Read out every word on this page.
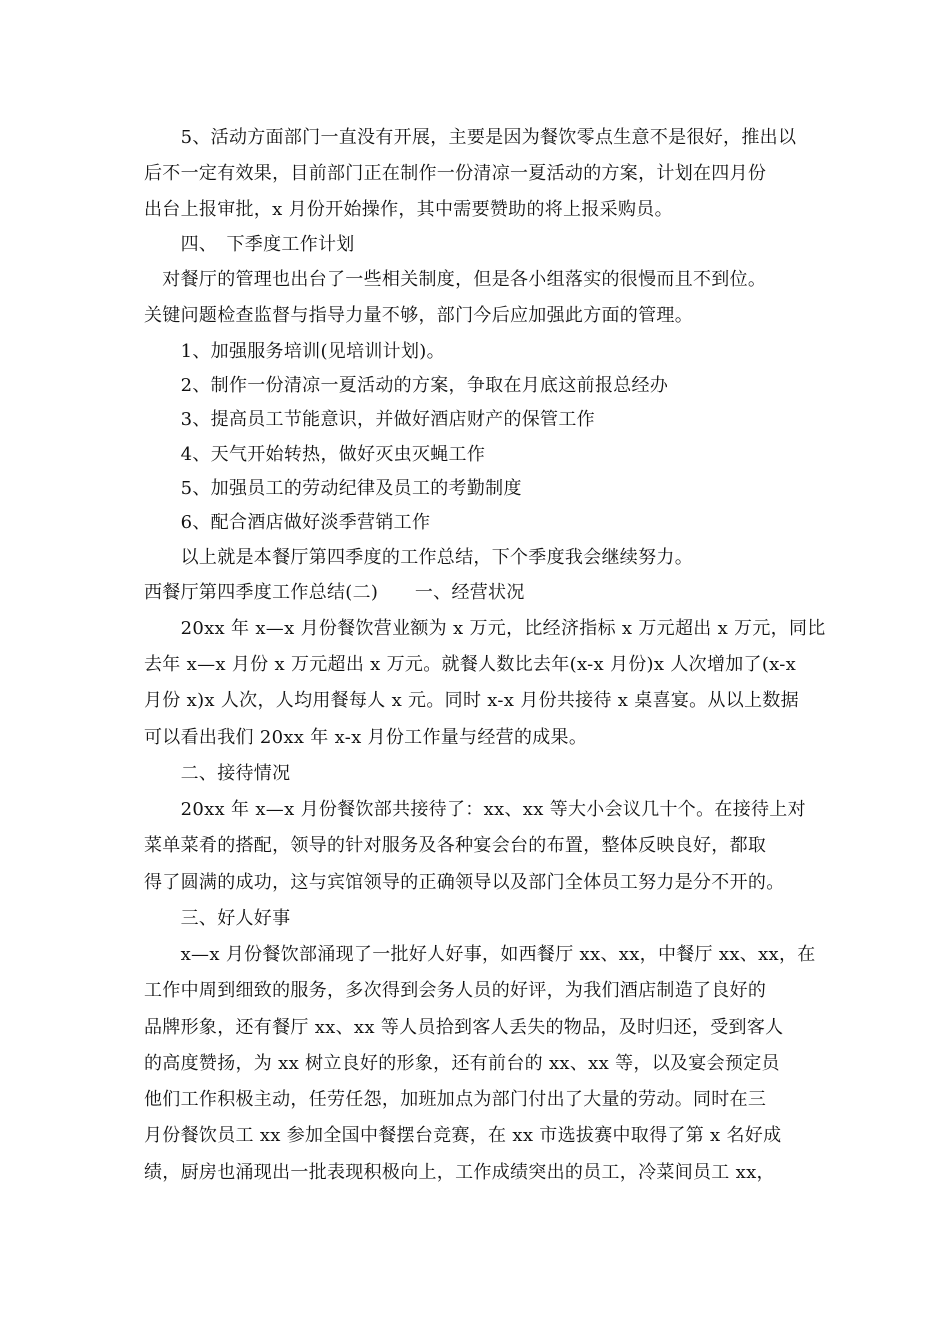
　　5、活动方面部门一直没有开展，主要是因为餐饮零点生意不是很好，推出以
后不一定有效果，目前部门正在制作一份清凉一夏活动的方案，计划在四月份
出台上报审批，x 月份开始操作，其中需要赞助的将上报采购员。
　　四、　下季度工作计划
　对餐厅的管理也出台了一些相关制度，但是各小组落实的很慢而且不到位。
关键问题检查监督与指导力量不够，部门今后应加强此方面的管理。
　　1、加强服务培训(见培训计划)。
　　2、制作一份清凉一夏活动的方案，争取在月底这前报总经办
　　3、提高员工节能意识，并做好酒店财产的保管工作
　　4、天气开始转热，做好灭虫灭蝇工作
　　5、加强员工的劳动纪律及员工的考勤制度
　　6、配合酒店做好淡季营销工作
　　以上就是本餐厅第四季度的工作总结，下个季度我会继续努力。
西餐厅第四季度工作总结(二)　　一、经营状况
　　20xx 年 x—x 月份餐饮营业额为 x 万元，比经济指标 x 万元超出 x 万元，同比
去年 x—x 月份 x 万元超出 x 万元。就餐人数比去年(x-x 月份)x 人次增加了(x-x
月份 x)x 人次，人均用餐每人 x 元。同时 x-x 月份共接待 x 桌喜宴。从以上数据
可以看出我们 20xx 年 x-x 月份工作量与经营的成果。
　　二、接待情况
　　20xx 年 x—x 月份餐饮部共接待了：xx、xx 等大小会议几十个。在接待上对
菜单菜肴的搭配，领导的针对服务及各种宴会台的布置，整体反映良好，都取
得了圆满的成功，这与宾馆领导的正确领导以及部门全体员工努力是分不开的。
　　三、好人好事
　　x—x 月份餐饮部涌现了一批好人好事，如西餐厅 xx、xx，中餐厅 xx、xx，在
工作中周到细致的服务，多次得到会务人员的好评，为我们酒店制造了良好的
品牌形象，还有餐厅 xx、xx 等人员拾到客人丢失的物品，及时归还，受到客人
的高度赞扬，为 xx 树立良好的形象，还有前台的 xx、xx 等，以及宴会预定员
他们工作积极主动，任劳任怨，加班加点为部门付出了大量的劳动。同时在三
月份餐饮员工 xx 参加全国中餐摆台竞赛，在 xx 市选拔赛中取得了第 x 名好成
绩，厨房也涌现出一批表现积极向上，工作成绩突出的员工，冷菜间员工 xx，
